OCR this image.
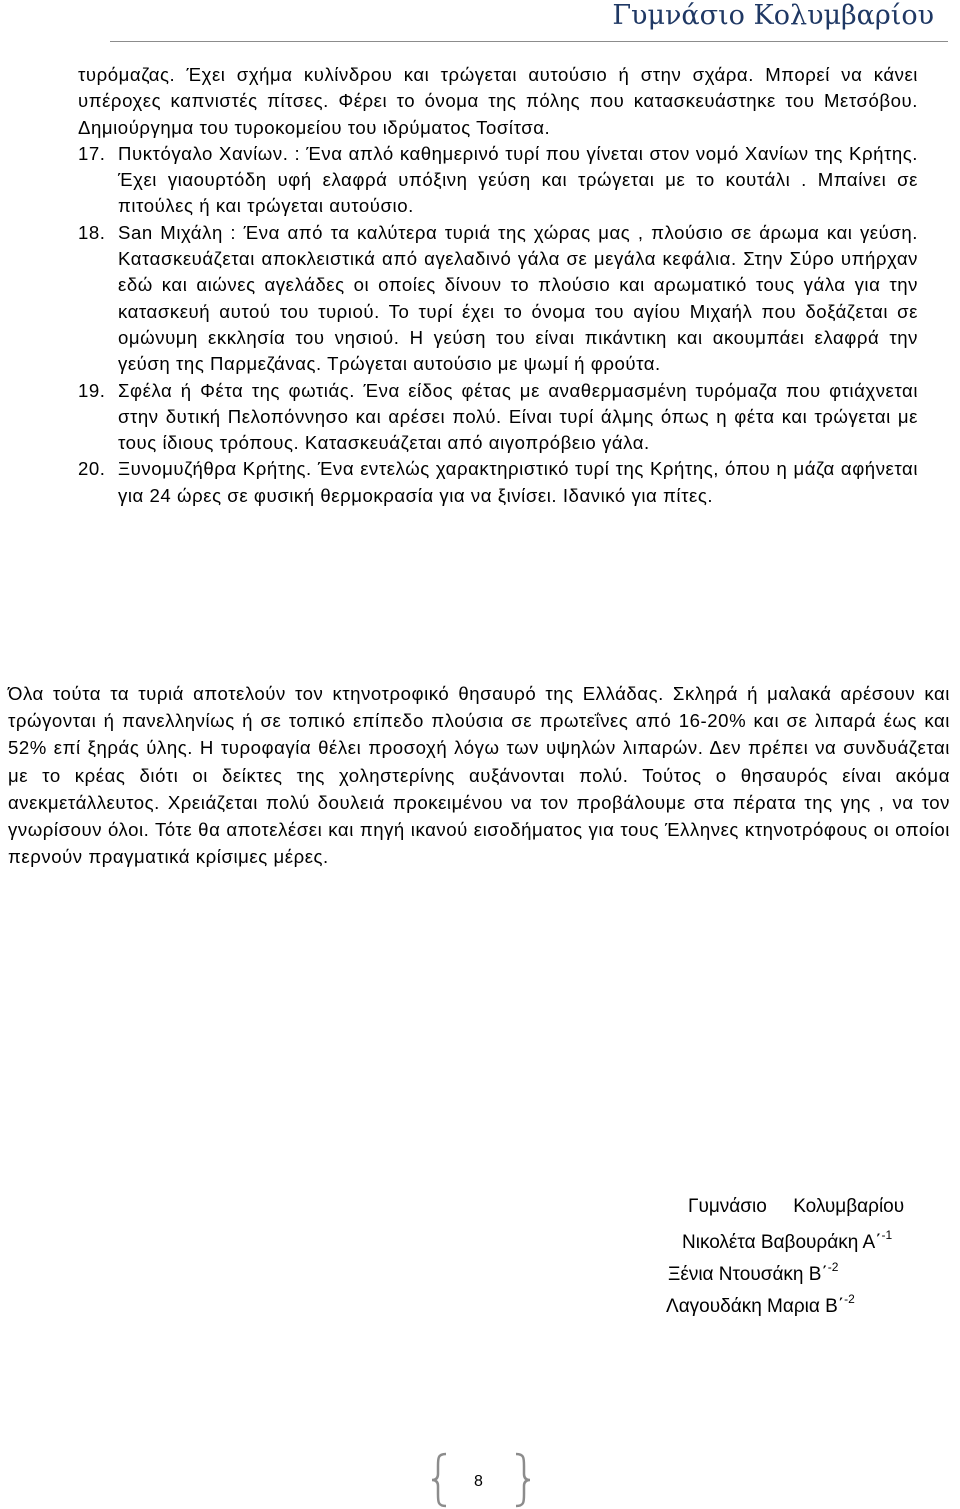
Γυμνάσιο Κολυμβαρίου
τυρόμαζας. Έχει σχήμα κυλίνδρου και τρώγεται αυτούσιο ή στην σχάρα. Μπορεί να κάνει υπέροχες καπνιστές πίτσες. Φέρει το όνομα της πόλης που κατασκευάστηκε του Μετσόβου. Δημιούργημα του τυροκομείου του ιδρύματος Τοσίτσα.
17. Πυκτόγαλο Χανίων. : Ένα απλό καθημερινό τυρί που γίνεται στον νομό Χανίων της Κρήτης. Έχει γιαουρτόδη υφή ελαφρά υπόξινη γεύση και τρώγεται με το κουτάλι . Μπαίνει σε πιτούλες ή και τρώγεται αυτούσιο.
18. San Μιχάλη : Ένα από τα καλύτερα τυριά της χώρας μας , πλούσιο σε άρωμα και γεύση. Κατασκευάζεται αποκλειστικά από αγελαδινό γάλα σε μεγάλα κεφάλια. Στην Σύρο υπήρχαν εδώ και αιώνες αγελάδες οι οποίες δίνουν το πλούσιο και αρωματικό τους γάλα για την κατασκευή αυτού του τυριού. Το τυρί έχει το όνομα του αγίου Μιχαήλ που δοξάζεται σε ομώνυμη εκκλησία του νησιού. Η γεύση του είναι πικάντικη και ακουμπάει ελαφρά την γεύση της Παρμεζάνας. Τρώγεται αυτούσιο με ψωμί ή φρούτα.
19. Σφέλα ή Φέτα της φωτιάς. Ένα είδος φέτας με αναθερμασμένη τυρόμαζα που φτιάχνεται στην δυτική Πελοπόννησο και αρέσει πολύ. Είναι τυρί άλμης όπως η φέτα και τρώγεται με τους ίδιους τρόπους. Κατασκευάζεται από αιγοπρόβειο γάλα.
20. Ξυνομυζήθρα Κρήτης. Ένα εντελώς χαρακτηριστικό τυρί της Κρήτης, όπου η μάζα αφήνεται για 24 ώρες σε φυσική θερμοκρασία για να ξινίσει. Ιδανικό για πίτες.
Όλα τούτα τα τυριά αποτελούν τον κτηνοτροφικό θησαυρό της Ελλάδας. Σκληρά ή μαλακά αρέσουν και τρώγονται ή πανελληνίως ή σε τοπικό επίπεδο πλούσια σε πρωτεΐνες από 16-20% και σε λιπαρά έως και 52% επί ξηράς ύλης. Η τυροφαγία θέλει προσοχή λόγω των υψηλών λιπαρών. Δεν πρέπει να συνδυάζεται με το κρέας διότι οι δείκτες της χοληστερίνης αυξάνονται πολύ. Τούτος ο θησαυρός είναι ακόμα ανεκμετάλλευτος. Χρειάζεται πολύ δουλειά προκειμένου να τον προβάλουμε στα πέρατα της γης , να τον γνωρίσουν όλοι. Τότε θα αποτελέσει και πηγή ικανού εισοδήματος για τους Έλληνες κτηνοτρόφους οι οποίοι περνούν πραγματικά κρίσιμες μέρες.
Γυμνάσιο     Κολυμβαρίου
Νικολέτα Βαβουράκη Α΄$^{-1}$
Ξένια Ντουσάκη Β΄$^{-2}$
Λαγουδάκη Μαρια Β΄$^{-2}$
8
